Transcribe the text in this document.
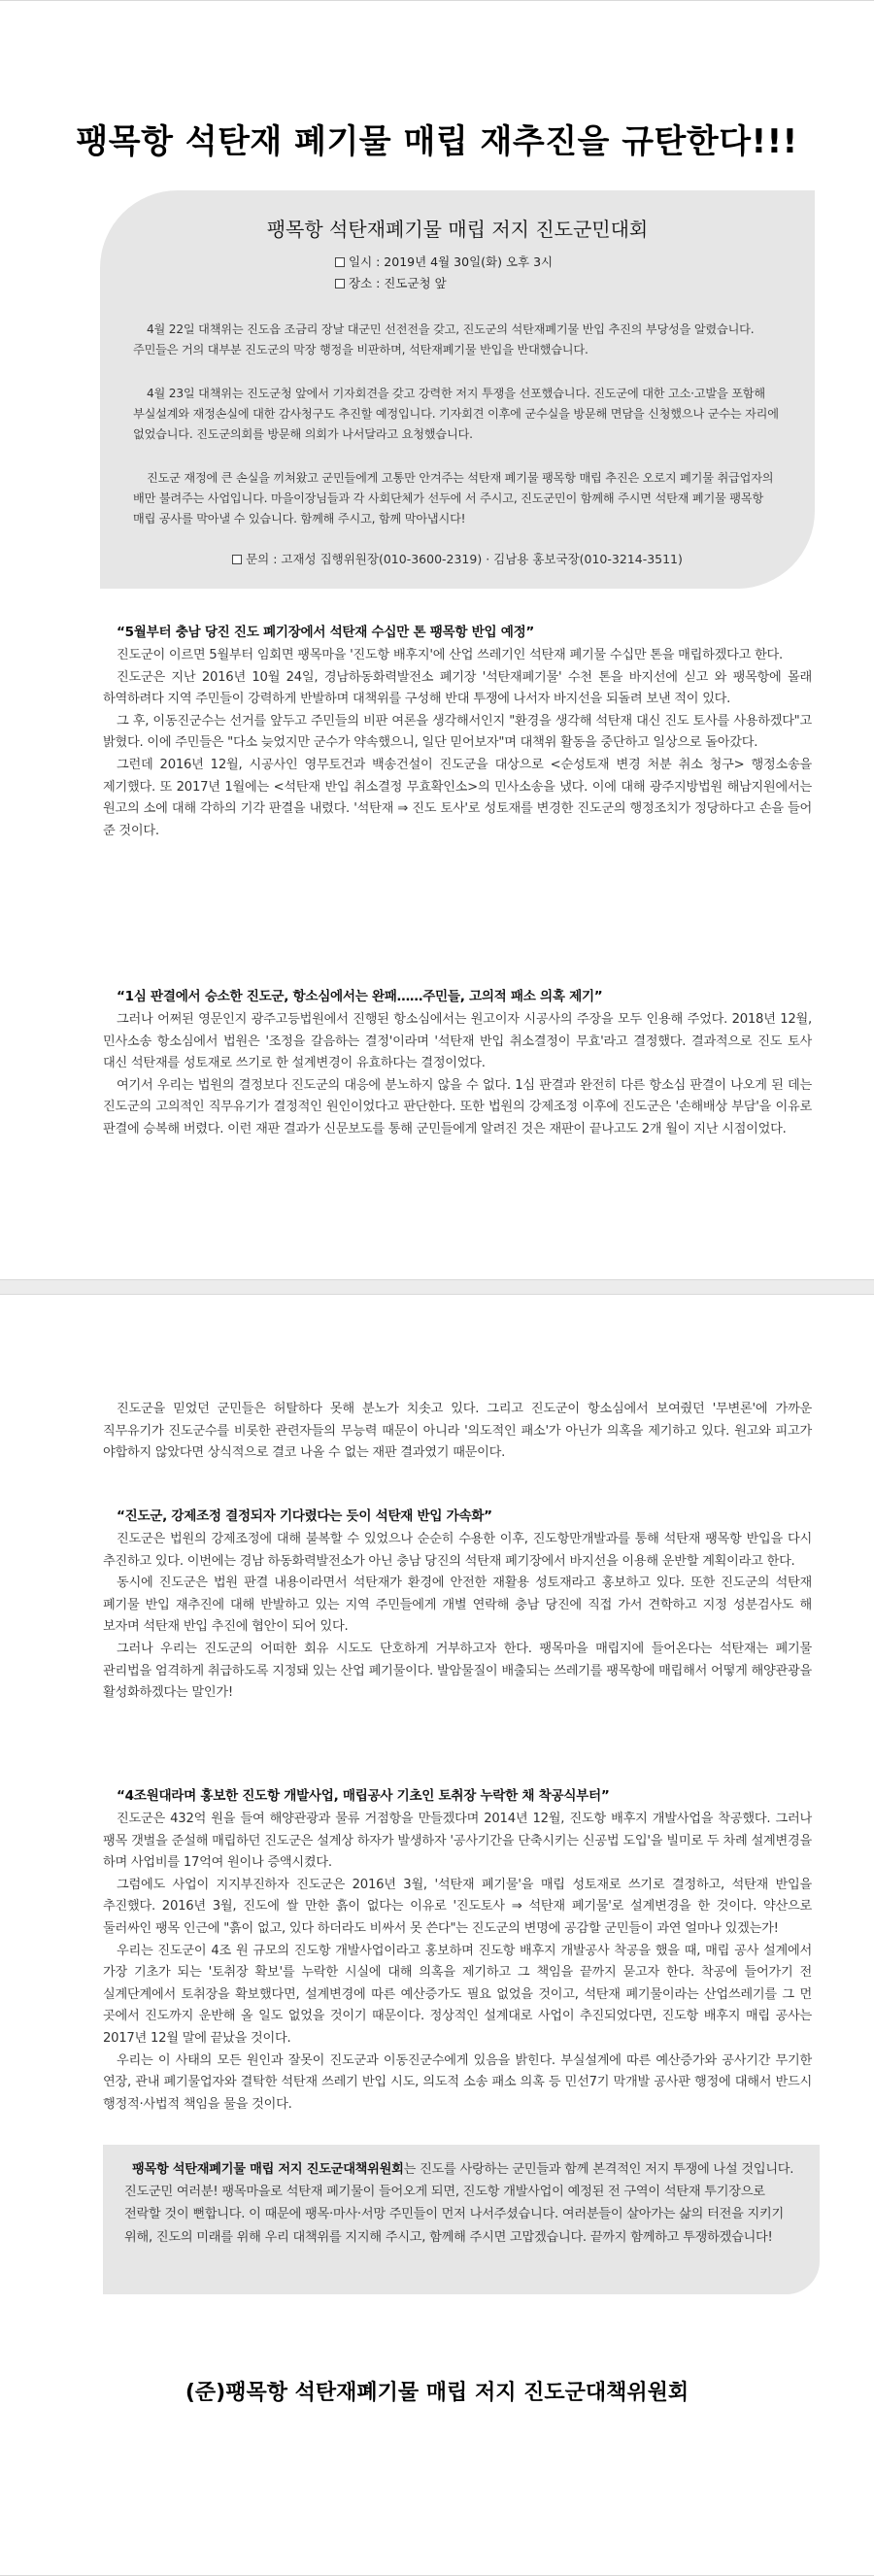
팽목항 석탄재 폐기물 매립 재추진을 규탄한다!!!
팽목항 석탄재폐기물 매립 저지 진도군민대회
일시 : 2019년 4월 30일(화) 오후 3시
장소 : 진도군청 앞

4월 22일 대책위는 진도읍 조금리 장날 대군민 선전전을 갖고, 진도군의 석탄재폐기물 반입 추진의 부당성을 알렸습니다. 주민들은 거의 대부분 진도군의 막장 행정을 비판하며, 석탄재폐기물 반입을 반대했습니다.

4월 23일 대책위는 진도군청 앞에서 기자회견을 갖고 강력한 저지 투쟁을 선포했습니다. 진도군에 대한 고소·고발을 포함해 부실설계와 재정손실에 대한 감사청구도 추진할 예정입니다. 기자회견 이후에 군수실을 방문해 면담을 신청했으나 군수는 자리에 없었습니다. 진도군의회를 방문해 의회가 나서달라고 요청했습니다.

진도군 재정에 큰 손실을 끼쳐왔고 군민들에게 고통만 안겨주는 석탄재 폐기물 팽목항 매립 추진은 오로지 폐기물 취급업자의 배만 불려주는 사업입니다. 마을이장님들과 각 사회단체가 선두에 서 주시고, 진도군민이 함께해 주시면 석탄재 폐기물 팽목항 매립 공사를 막아낼 수 있습니다. 함께해 주시고, 함께 막아냅시다!

문의 : 고재성 집행위원장(010-3600-2319) · 김남용 홍보국장(010-3214-3511)
“5월부터 충남 당진 진도 폐기장에서 석탄재 수십만 톤 팽목항 반입 예정”

진도군이 이르면 5월부터 임회면 팽목마을 '진도항 배후지'에 산업 쓰레기인 석탄재 폐기물 수십만 톤을 매립하겠다고 한다.

진도군은 지난 2016년 10월 24일, 경남하동화력발전소 폐기장 '석탄재폐기물' 수천 톤을 바지선에 싣고 와 팽목항에 몰래 하역하려다 지역 주민들이 강력하게 반발하며 대책위를 구성해 반대 투쟁에 나서자 바지선을 되돌려 보낸 적이 있다.

그 후, 이동진군수는 선거를 앞두고 주민들의 비판 여론을 생각해서인지 "환경을 생각해 석탄재 대신 진도 토사를 사용하겠다"고 밝혔다. 이에 주민들은 "다소 늦었지만 군수가 약속했으니, 일단 믿어보자"며 대책위 활동을 중단하고 일상으로 돌아갔다.

그런데 2016년 12월, 시공사인 영무토건과 백송건설이 진도군을 대상으로 <순성토재 변경 처분 취소 청구> 행정소송을 제기했다. 또 2017년 1월에는 <석탄재 반입 취소결정 무효확인소>의 민사소송을 냈다. 이에 대해 광주지방법원 해남지원에서는 원고의 소에 대해 각하의 기각 판결을 내렸다. '석탄재 ⇒ 진도 토사'로 성토재를 변경한 진도군의 행정조치가 정당하다고 손을 들어 준 것이다.

“1심 판결에서 승소한 진도군, 항소심에서는 완패……주민들, 고의적 패소 의혹 제기”

그러나 어쩌된 영문인지 광주고등법원에서 진행된 항소심에서는 원고이자 시공사의 주장을 모두 인용해 주었다. 2018년 12월, 민사소송 항소심에서 법원은 '조정을 갈음하는 결정'이라며 '석탄재 반입 취소결정이 무효'라고 결정했다. 결과적으로 진도 토사 대신 석탄재를 성토재로 쓰기로 한 설계변경이 유효하다는 결정이었다.

여기서 우리는 법원의 결정보다 진도군의 대응에 분노하지 않을 수 없다. 1심 판결과 완전히 다른 항소심 판결이 나오게 된 데는 진도군의 고의적인 직무유기가 결정적인 원인이었다고 판단한다. 또한 법원의 강제조정 이후에 진도군은 '손해배상 부담'을 이유로 판결에 승복해 버렸다. 이런 재판 결과가 신문보도를 통해 군민들에게 알려진 것은 재판이 끝나고도 2개 월이 지난 시점이었다.

진도군을 믿었던 군민들은 허탈하다 못해 분노가 치솟고 있다. 그리고 진도군이 항소심에서 보여줬던 '무변론'에 가까운 직무유기가 진도군수를 비롯한 관련자들의 무능력 때문이 아니라 '의도적인 패소'가 아닌가 의혹을 제기하고 있다. 원고와 피고가 야합하지 않았다면 상식적으로 결코 나올 수 없는 재판 결과였기 때문이다.

“진도군, 강제조정 결정되자 기다렸다는 듯이 석탄재 반입 가속화”

진도군은 법원의 강제조정에 대해 불복할 수 있었으나 순순히 수용한 이후, 진도항만개발과를 통해 석탄재 팽목항 반입을 다시 추진하고 있다. 이번에는 경남 하동화력발전소가 아닌 충남 당진의 석탄재 폐기장에서 바지선을 이용해 운반할 계획이라고 한다.

동시에 진도군은 법원 판결 내용이라면서 석탄재가 환경에 안전한 재활용 성토재라고 홍보하고 있다. 또한 진도군의 석탄재 폐기물 반입 재추진에 대해 반발하고 있는 지역 주민들에게 개별 연락해 충남 당진에 직접 가서 견학하고 지정 성분검사도 해 보자며 석탄재 반입 추진에 협안이 되어 있다.

그러나 우리는 진도군의 어떠한 회유 시도도 단호하게 거부하고자 한다. 팽목마을 매립지에 들어온다는 석탄재는 폐기물 관리법을 엄격하게 취급하도록 지정돼 있는 산업 폐기물이다. 발암물질이 배출되는 쓰레기를 팽목항에 매립해서 어떻게 해양관광을 활성화하겠다는 말인가!

“4조원대라며 홍보한 진도항 개발사업, 매립공사 기초인 토취장 누락한 채 착공식부터”

진도군은 432억 원을 들여 해양관광과 물류 거점항을 만들겠다며 2014년 12월, 진도항 배후지 개발사업을 착공했다. 그러나 팽목 갯벌을 준설해 매립하던 진도군은 설계상 하자가 발생하자 '공사기간을 단축시키는 신공법 도입'을 빌미로 두 차례 설계변경을 하며 사업비를 17억여 원이나 증액시켰다.

그럼에도 사업이 지지부진하자 진도군은 2016년 3월, '석탄재 폐기물'을 매립 성토재로 쓰기로 결정하고, 석탄재 반입을 추진했다. 2016년 3월, 진도에 쌀 만한 흙이 없다는 이유로 '진도토사 ⇒ 석탄재 폐기물'로 설계변경을 한 것이다. 약산으로 둘러싸인 팽목 인근에 "흙이 없고, 있다 하더라도 비싸서 못 쓴다"는 진도군의 변명에 공감할 군민들이 과연 얼마나 있겠는가!

우리는 진도군이 4조 원 규모의 진도항 개발사업이라고 홍보하며 진도항 배후지 개발공사 착공을 했을 때, 매립 공사 설계에서 가장 기초가 되는 '토취장 확보'를 누락한 시실에 대해 의혹을 제기하고 그 책임을 끝까지 묻고자 한다. 착공에 들어가기 전 실계단계에서 토취장을 확보했다면, 설계변경에 따른 예산증가도 필요 없었을 것이고, 석탄재 폐기물이라는 산업쓰레기를 그 먼 곳에서 진도까지 운반해 올 일도 없었을 것이기 때문이다. 정상적인 설계대로 사업이 추진되었다면, 진도항 배후지 매립 공사는 2017년 12월 말에 끝났을 것이다.

우리는 이 사태의 모든 원인과 잘못이 진도군과 이동진군수에게 있음을 밝힌다. 부실설계에 따른 예산증가와 공사기간 무기한 연장, 관내 폐기물업자와 결탁한 석탄재 쓰레기 반입 시도, 의도적 소송 패소 의혹 등 민선7기 막개발 공사판 행정에 대해서 반드시 행정적·사법적 책임을 물을 것이다.

팽목항 석탄재폐기물 매립 저지 진도군대책위원회는 진도를 사랑하는 군민들과 함께 본격적인 저지 투쟁에 나설 것입니다. 진도군민 여러분! 팽목마을로 석탄재 폐기물이 들어오게 되면, 진도항 개발사업이 예정된 전 구역이 석탄재 투기장으로 전락할 것이 뻔합니다. 이 때문에 팽목·마사·서망 주민들이 먼저 나서주셨습니다. 여러분들이 살아가는 삶의 터전을 지키기 위해, 진도의 미래를 위해 우리 대책위를 지지해 주시고, 함께해 주시면 고맙겠습니다. 끝까지 함께하고 투쟁하겠습니다!
(준)팽목항 석탄재폐기물 매립 저지 진도군대책위원회
